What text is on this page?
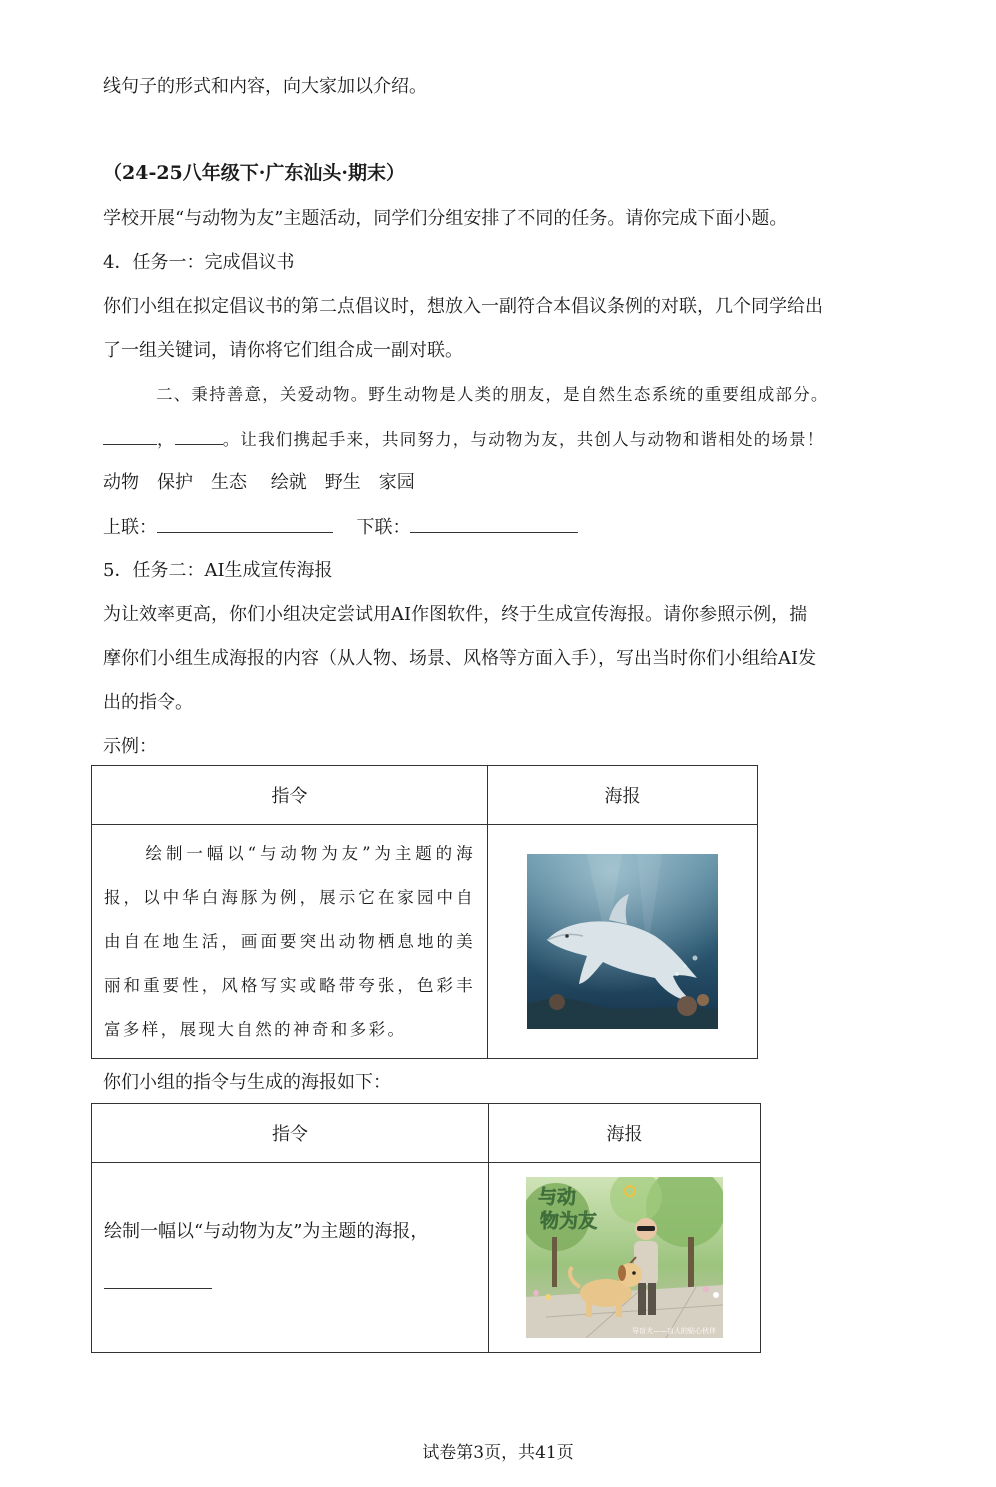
线句子的形式和内容，向大家加以介绍。
（24-25八年级下·广东汕头·期末）
学校开展“与动物为友”主题活动，同学们分组安排了不同的任务。请你完成下面小题。
4．任务一：完成倡议书
你们小组在拟定倡议书的第二点倡议时，想放入一副符合本倡议条例的对联，几个同学给出
了一组关键词，请你将它们组合成一副对联。
二、秉持善意，关爱动物。野生动物是人类的朋友，是自然生态系统的重要组成部分。
，	。让我们携起手来，共同努力，与动物为友，共创人与动物和谐相处的场景！
动物　保护　生态　 绘就　野生　家园
上联：	下联：
5．任务二：AI生成宣传海报
为让效率更高，你们小组决定尝试用AI作图软件，终于生成宣传海报。请你参照示例，揣
摩你们小组生成海报的内容（从人物、场景、风格等方面入手），写出当时你们小组给AI发
出的指令。
示例：
指令	海报
绘制一幅以“与动物为友”为主题的海报，以中华白海豚为例，展示它在家园中自由自在地生活，画面要突出动物栖息地的美丽和重要性，风格写实或略带夸张，色彩丰富多样，展现大自然的神奇和多彩。	
你们小组的指令与生成的海报如下：
指令	海报

绘制一幅以“与动物为友”为主题的海报，	与动
物为友
导盲犬——盲人的贴心伙伴
试卷第3页，共41页
